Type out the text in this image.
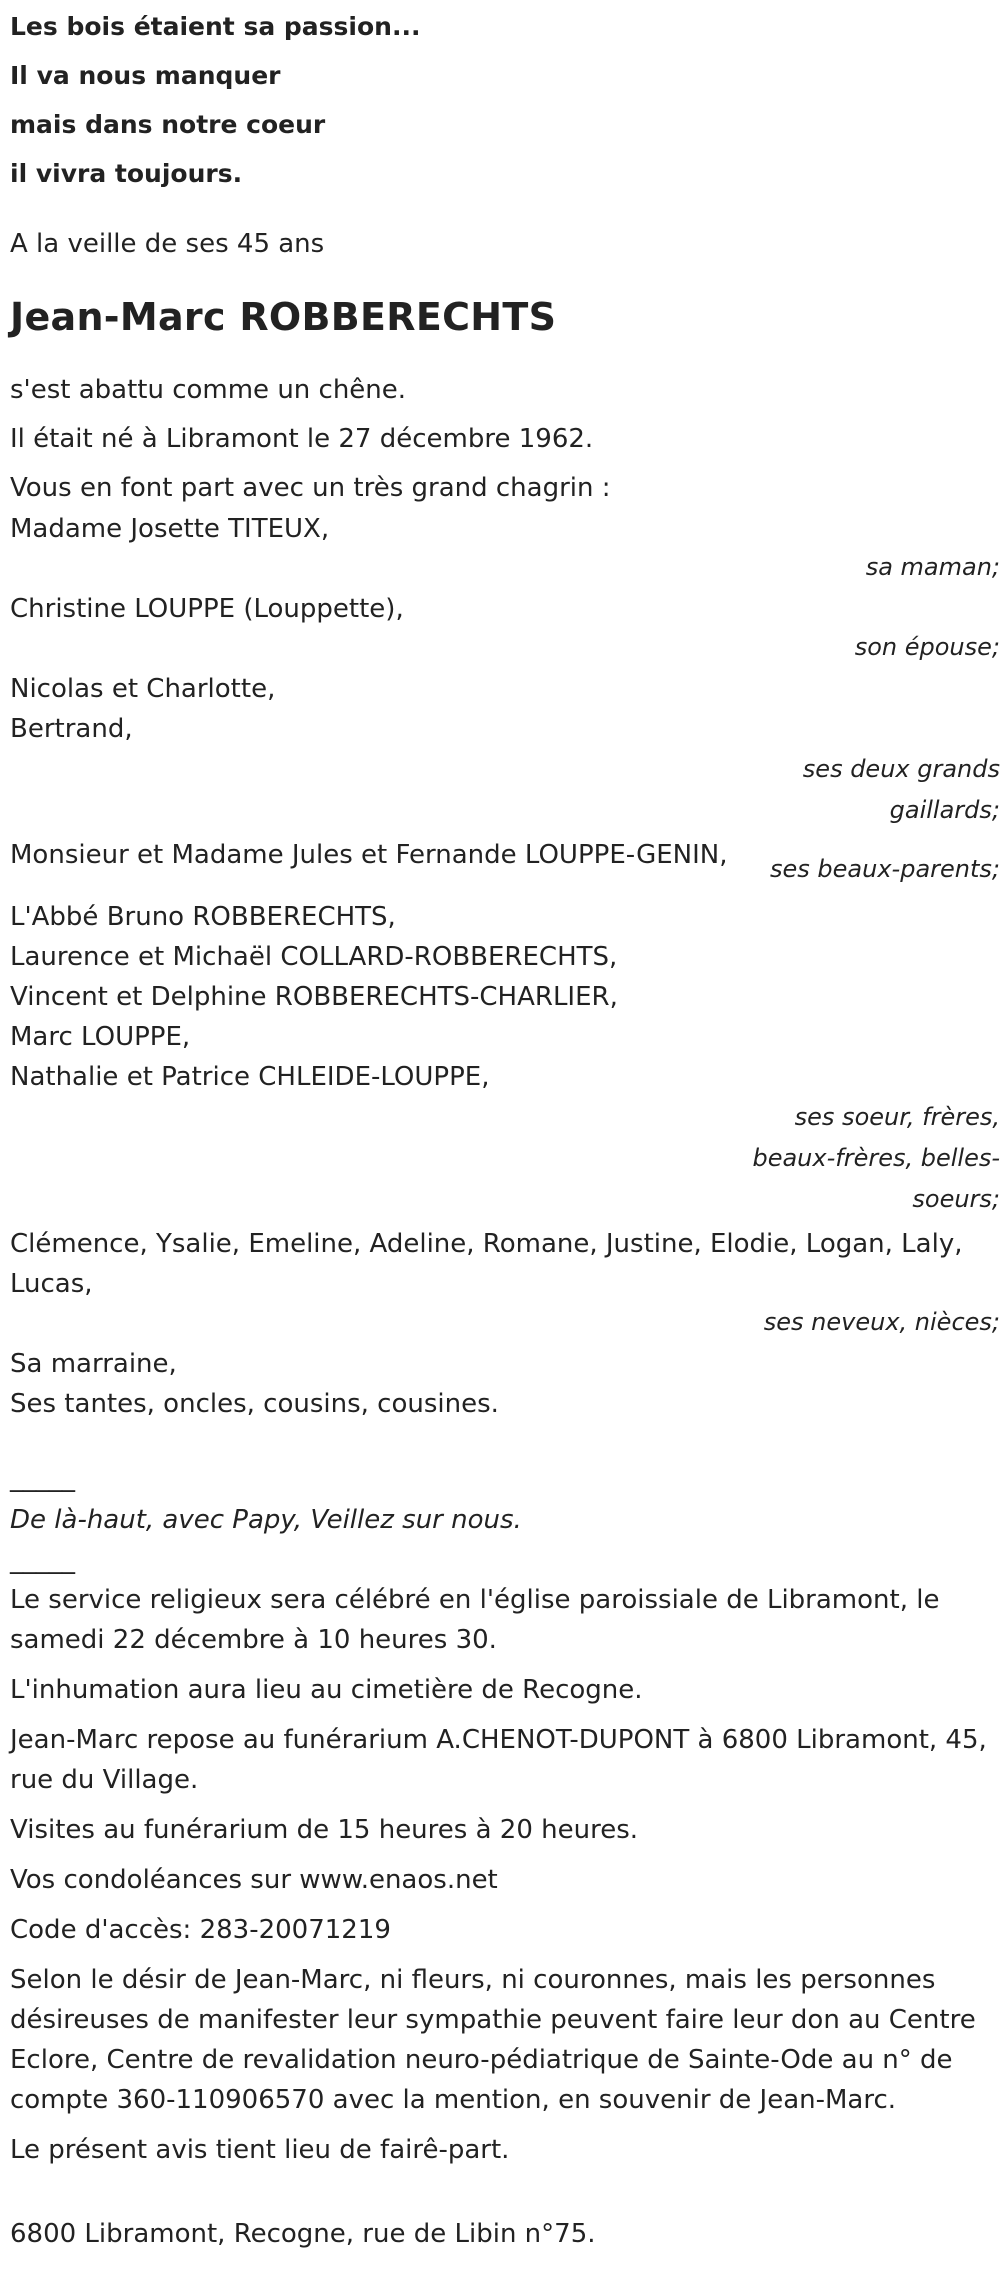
Les bois étaient sa passion...
Il va nous manquer
mais dans notre coeur
il vivra toujours.
A la veille de ses 45 ans
Jean-Marc ROBBERECHTS
s'est abattu comme un chêne.
Il était né à Libramont le 27 décembre 1962.
Vous en font part avec un très grand chagrin :
Madame Josette TITEUX,
sa maman;
Christine LOUPPE (Louppette),
son épouse;
Nicolas et Charlotte,
Bertrand,
ses deux grands gaillards;
Monsieur et Madame Jules et Fernande LOUPPE-GENIN,	ses beaux-parents;
L'Abbé Bruno ROBBERECHTS,
Laurence et Michaël COLLARD-ROBBERECHTS,
Vincent et Delphine ROBBERECHTS-CHARLIER,
Marc LOUPPE,
Nathalie et Patrice CHLEIDE-LOUPPE,
ses soeur, frères, beaux-frères, belles-soeurs;
Clémence, Ysalie, Emeline, Adeline, Romane, Justine, Elodie, Logan, Laly, Lucas,
ses neveux, nièces;
Sa marraine,
Ses tantes, oncles, cousins, cousines.
_____
De là-haut, avec Papy, Veillez sur nous.
_____
Le service religieux sera célébré en l'église paroissiale de Libramont, le samedi 22 décembre à 10 heures 30.
L'inhumation aura lieu au cimetière de Recogne.
Jean-Marc repose au funérarium A.CHENOT-DUPONT à 6800 Libramont, 45, rue du Village.
Visites au funérarium de 15 heures à 20 heures.
Vos condoléances sur www.enaos.net
Code d'accès: 283-20071219
Selon le désir de Jean-Marc, ni fleurs, ni couronnes, mais les personnes désireuses de manifester leur sympathie peuvent faire leur don au Centre Eclore, Centre de revalidation neuro-pédiatrique de Sainte-Ode au n° de compte 360-110906570 avec la mention, en souvenir de Jean-Marc.
Le présent avis tient lieu de fairê-part.
6800 Libramont, Recogne, rue de Libin n°75.
